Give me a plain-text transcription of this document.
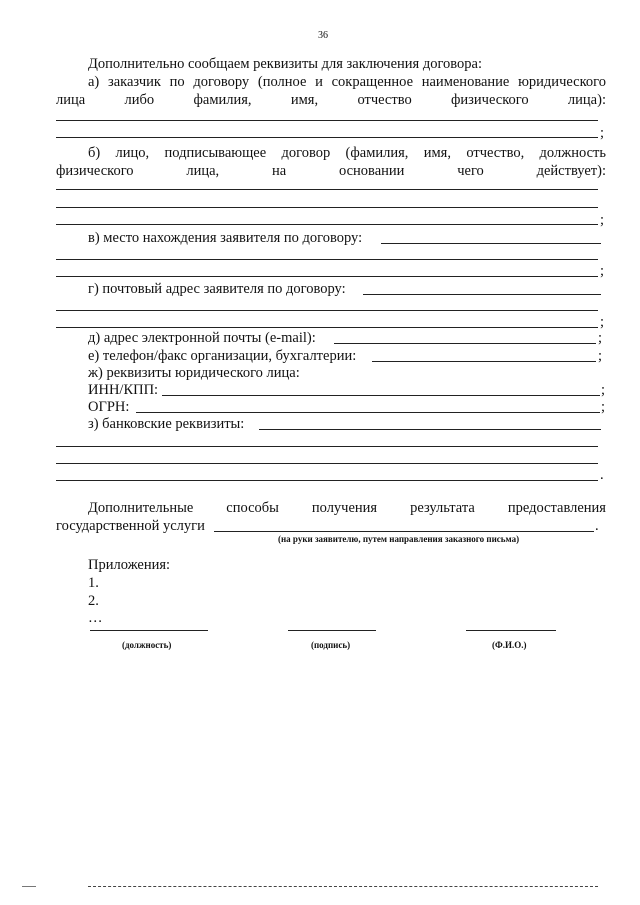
36
Дополнительно сообщаем реквизиты для заключения договора:
а) заказчик по договору (полное и сокращенное наименование юридического
лица	либо	фамилия,	имя,	отчество	физического	лица):
;
б) лицо, подписывающее договор (фамилия, имя, отчество, должность
физического	лица,	на	основании	чего	действует):
;
в) место нахождения заявителя по договору:
;
г) почтовый адрес заявителя по договору:
;
д) адрес электронной почты (e-mail):	;
е) телефон/факс организации, бухгалтерии:	;
ж) реквизиты юридического лица:
ИНН/КПП:	;
ОГРН:	;
з) банковские реквизиты:
.
Дополнительные способы получения результата предоставления
государственной услуги	.
(на руки заявителю, путем направления заказного письма)
Приложения:
1.
2.
…
(должность)	(подпись)	(Ф.И.О.)
